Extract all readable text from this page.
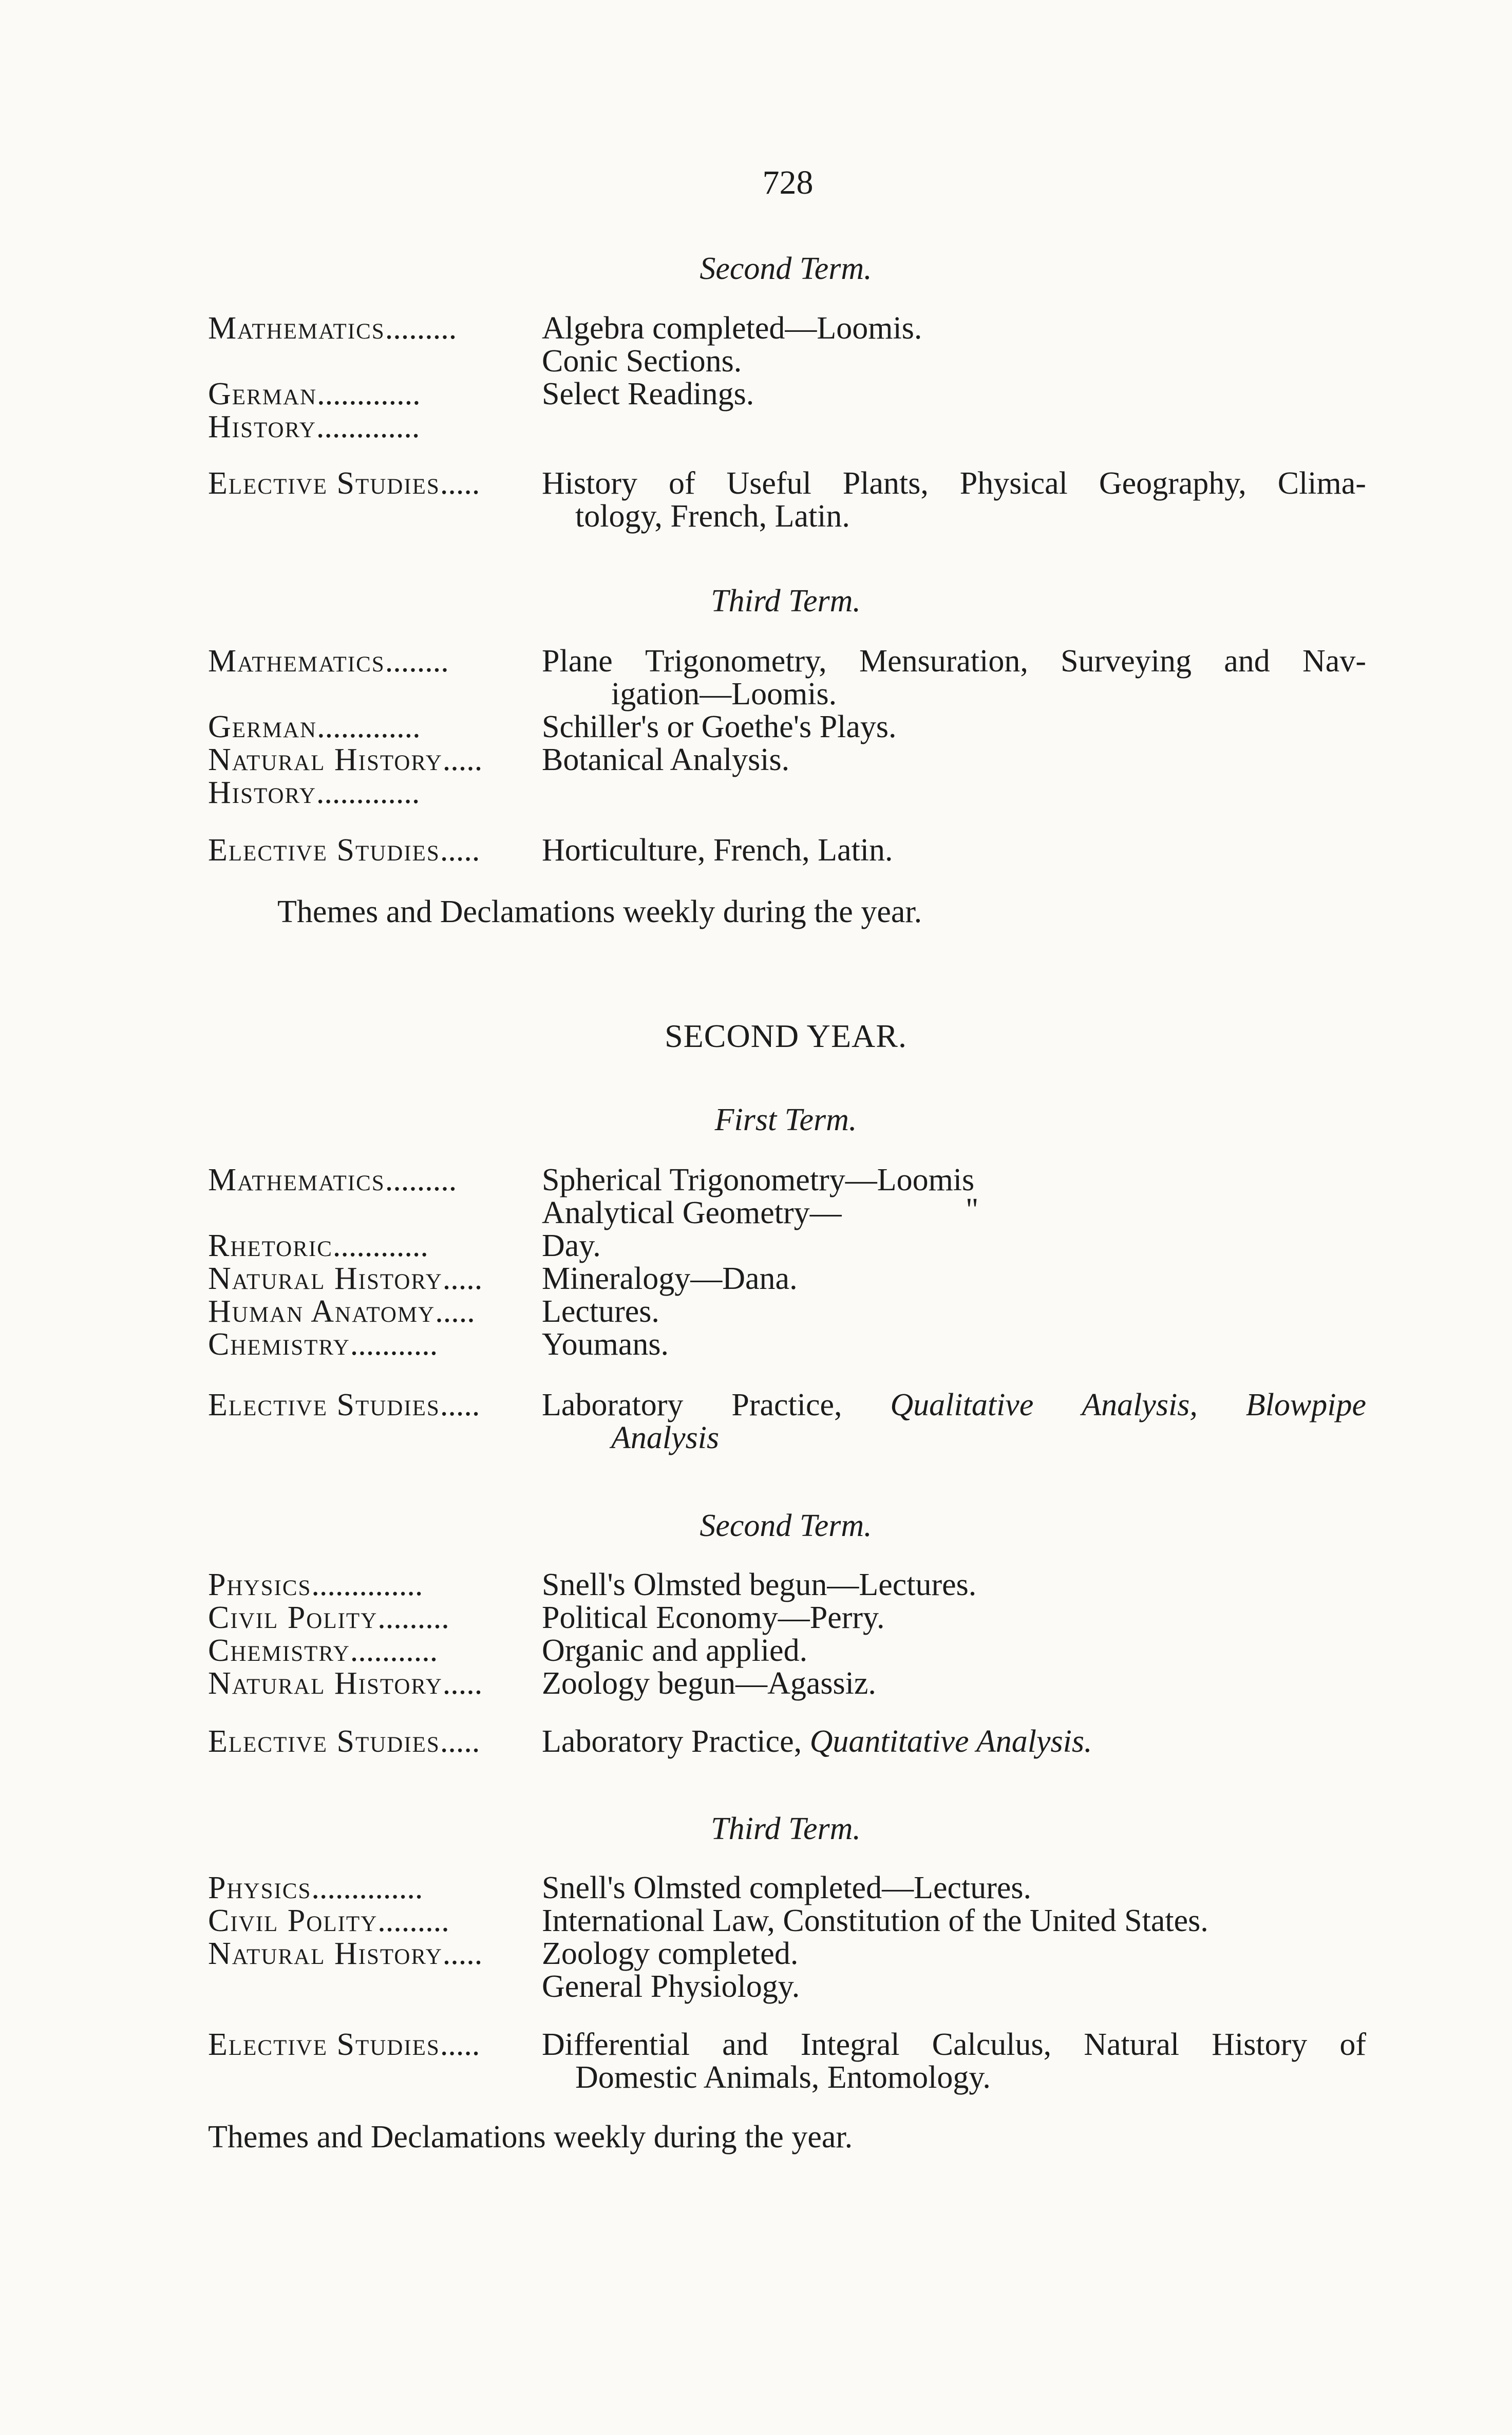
728
Second Term.
Mathematics.........	Algebra completed—Loomis.
Conic Sections.
German.............	Select Readings.
History.............
Elective Studies..... History of Useful Plants, Physical Geography, Clima-
tology, French, Latin.
Third Term.
Mathematics........	Plane Trigonometry, Mensuration, Surveying and Nav-
igation—Loomis.
German.............	Schiller's or Goethe's Plays.
Natural History..... Botanical Analysis.
History.............
Elective Studies..... Horticulture, French, Latin.
Themes and Declamations weekly during the year.
SECOND YEAR.
First Term.
Mathematics.........	Spherical Trigonometry—Loomis
Analytical Geometry—	"
Rhetoric............	Day.
Natural History..... Mineralogy—Dana.
Human Anatomy..... Lectures.
Chemistry...........	Youmans.
Elective Studies..... Laboratory Practice, Qualitative Analysis, Blowpipe
Analysis
Second Term.
Physics..............	Snell's Olmsted begun—Lectures.
Civil Polity.........	Political Economy—Perry.
Chemistry...........	Organic and applied.
Natural History..... Zoology begun—Agassiz.
Elective Studies..... Laboratory Practice, Quantitative Analysis.
Third Term.
Physics..............	Snell's Olmsted completed—Lectures.
Civil Polity.........	International Law, Constitution of the United States.
Natural History..... Zoology completed.
General Physiology.
Elective Studies..... Differential and Integral Calculus, Natural History of
Domestic Animals, Entomology.
Themes and Declamations weekly during the year.
